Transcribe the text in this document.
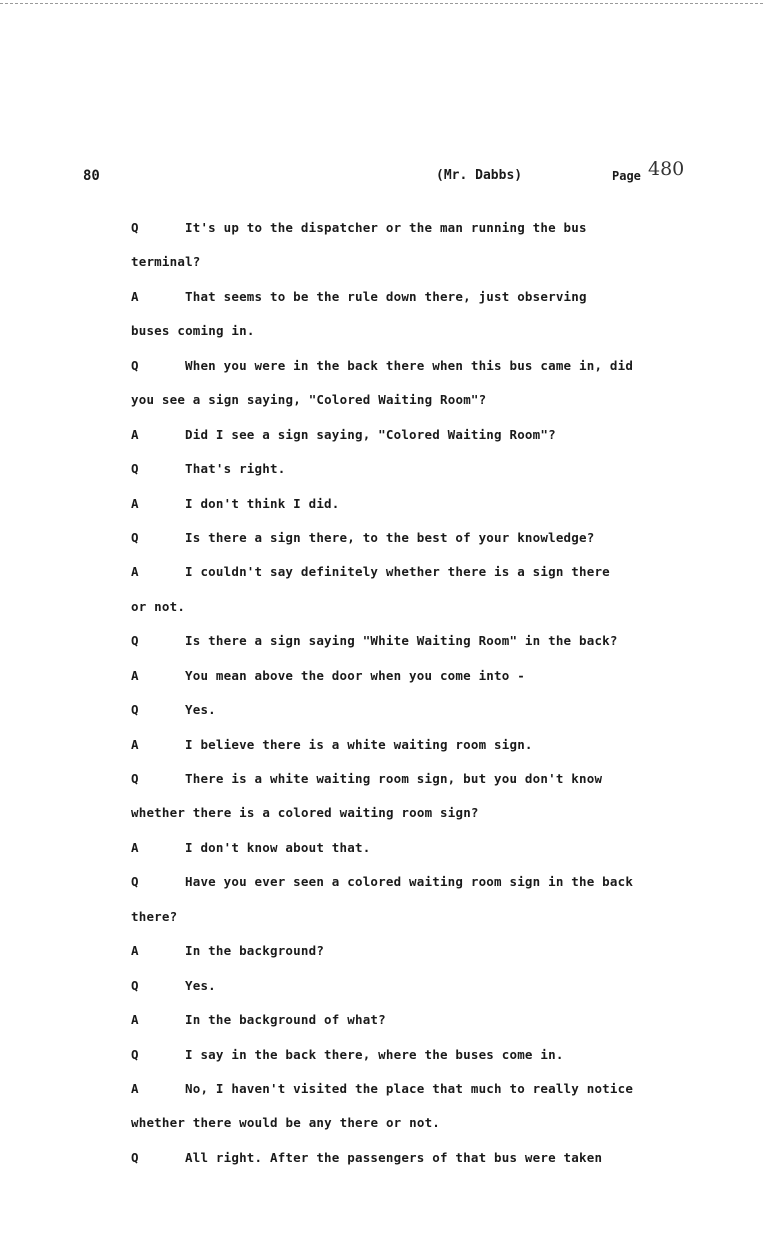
80	(Mr. Dabbs)	Page 480
Q	It's up to the dispatcher or the man running the bus
terminal?
A	That seems to be the rule down there, just observing
buses coming in.
Q	When you were in the back there when this bus came in, did
you see a sign saying, "Colored Waiting Room"?
A	Did I see a sign saying, "Colored Waiting Room"?
Q	That's right.
A	I don't think I did.
Q	Is there a sign there, to the best of your knowledge?
A	I couldn't say definitely whether there is a sign there
or not.
Q	Is there a sign saying "White Waiting Room" in the back?
A	You mean above the door when you come into -
Q	Yes.
A	I believe there is a white waiting room sign.
Q	There is a white waiting room sign, but you don't know
whether there is a colored waiting room sign?
A	I don't know about that.
Q	Have you ever seen a colored waiting room sign in the back
there?
A	In the background?
Q	Yes.
A	In the background of what?
Q	I say in the back there, where the buses come in.
A	No, I haven't visited the place that much to really notice
whether there would be any there or not.
Q	All right. After the passengers of that bus were taken
